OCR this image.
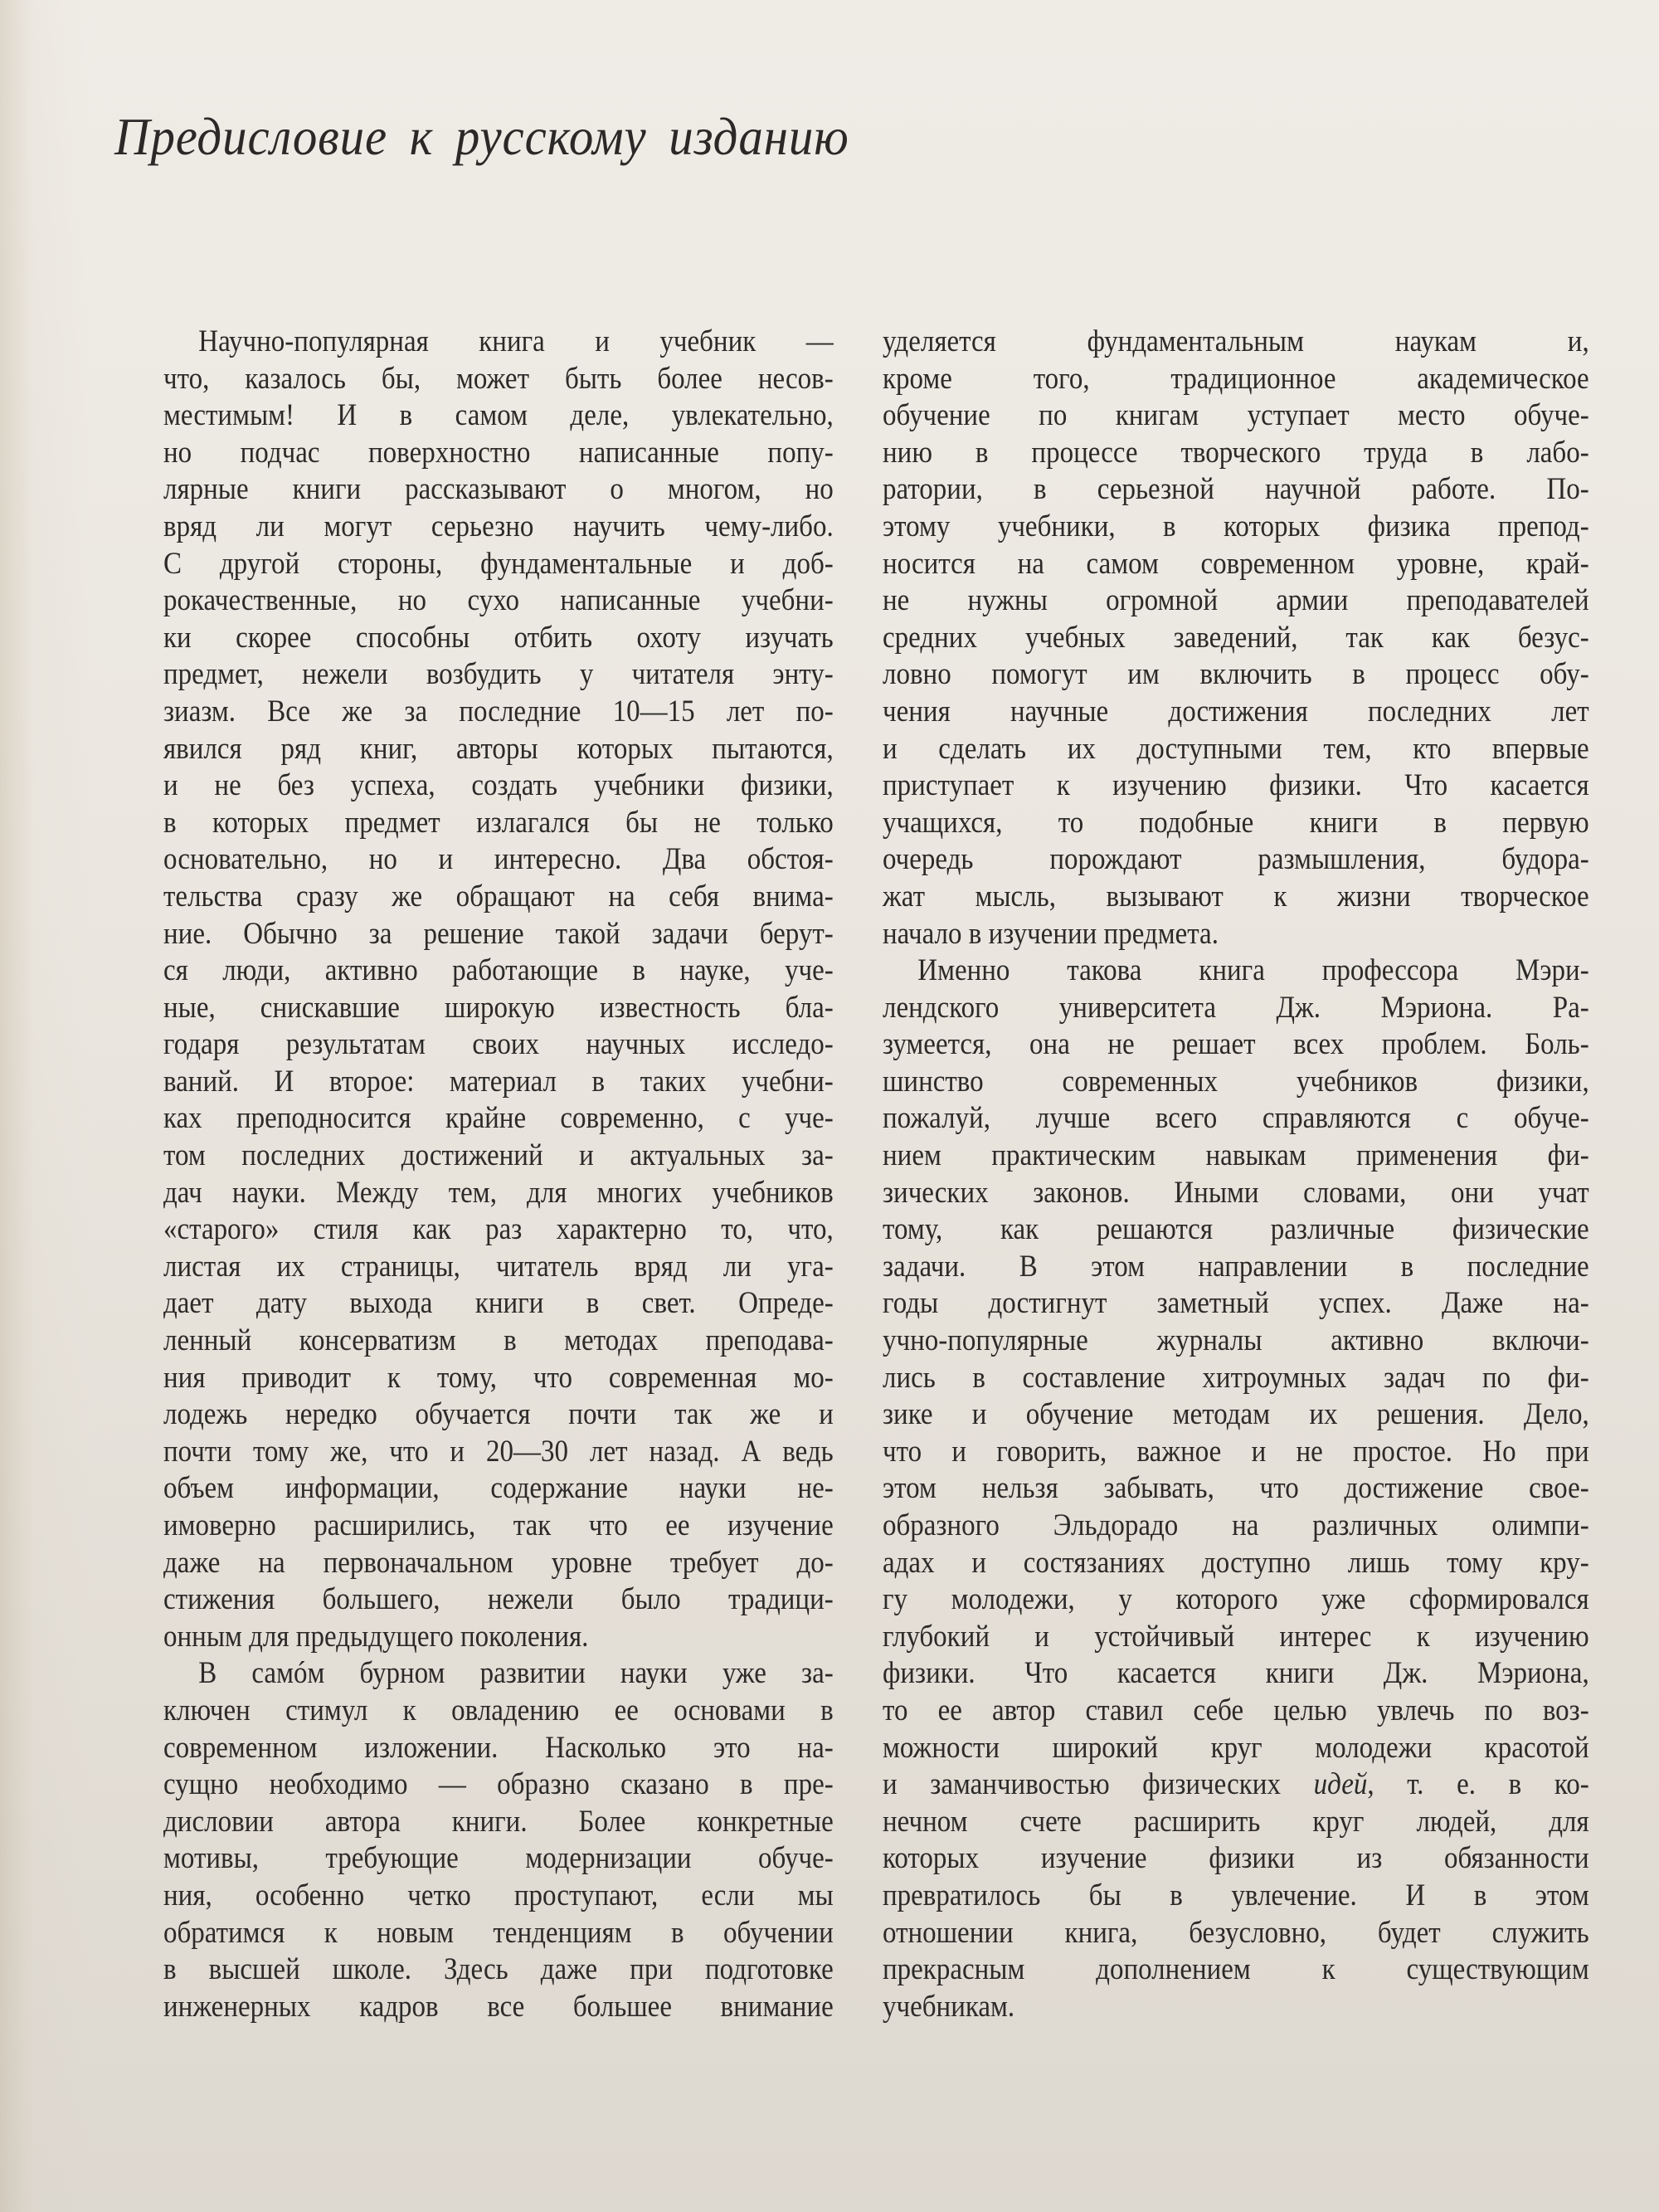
Предисловие к русскому изданию
Научно-популярная книга и учебник —
что, казалось бы, может быть более несов-
местимым! И в самом деле, увлекательно,
но подчас поверхностно написанные попу-
лярные книги рассказывают о многом, но
вряд ли могут серьезно научить чему-либо.
С другой стороны, фундаментальные и доб-
рокачественные, но сухо написанные учебни-
ки скорее способны отбить охоту изучать
предмет, нежели возбудить у читателя энту-
зиазм. Все же за последние 10—15 лет по-
явился ряд книг, авторы которых пытаются,
и не без успеха, создать учебники физики,
в которых предмет излагался бы не только
основательно, но и интересно. Два обстоя-
тельства сразу же обращают на себя внима-
ние. Обычно за решение такой задачи берут-
ся люди, активно работающие в науке, уче-
ные, снискавшие широкую известность бла-
годаря результатам своих научных исследо-
ваний. И второе: материал в таких учебни-
ках преподносится крайне современно, с уче-
том последних достижений и актуальных за-
дач науки. Между тем, для многих учебников
«старого» стиля как раз характерно то, что,
листая их страницы, читатель вряд ли уга-
дает дату выхода книги в свет. Опреде-
ленный консерватизм в методах преподава-
ния приводит к тому, что современная мо-
лодежь нередко обучается почти так же и
почти тому же, что и 20—30 лет назад. А ведь
объем информации, содержание науки не-
имоверно расширились, так что ее изучение
даже на первоначальном уровне требует до-
стижения большего, нежели было традици-
онным для предыдущего поколения.
В самóм бурном развитии науки уже за-
ключен стимул к овладению ее основами в
современном изложении. Насколько это на-
сущно необходимо — образно сказано в пре-
дисловии автора книги. Более конкретные
мотивы, требующие модернизации обуче-
ния, особенно четко проступают, если мы
обратимся к новым тенденциям в обучении
в высшей школе. Здесь даже при подготовке
инженерных кадров все большее внимание
уделяется фундаментальным наукам и,
кроме того, традиционное академическое
обучение по книгам уступает место обуче-
нию в процессе творческого труда в лабо-
ратории, в серьезной научной работе. По-
этому учебники, в которых физика препод-
носится на самом современном уровне, край-
не нужны огромной армии преподавателей
средних учебных заведений, так как безус-
ловно помогут им включить в процесс обу-
чения научные достижения последних лет
и сделать их доступными тем, кто впервые
приступает к изучению физики. Что касается
учащихся, то подобные книги в первую
очередь порождают размышления, будора-
жат мысль, вызывают к жизни творческое
начало в изучении предмета.
Именно такова книга профессора Мэри-
лендского университета Дж. Мэриона. Ра-
зумеется, она не решает всех проблем. Боль-
шинство современных учебников физики,
пожалуй, лучше всего справляются с обуче-
нием практическим навыкам применения фи-
зических законов. Иными словами, они учат
тому, как решаются различные физические
задачи. В этом направлении в последние
годы достигнут заметный успех. Даже на-
учно-популярные журналы активно включи-
лись в составление хитроумных задач по фи-
зике и обучение методам их решения. Дело,
что и говорить, важное и не простое. Но при
этом нельзя забывать, что достижение свое-
образного Эльдорадо на различных олимпи-
адах и состязаниях доступно лишь тому кру-
гу молодежи, у которого уже сформировался
глубокий и устойчивый интерес к изучению
физики. Что касается книги Дж. Мэриона,
то ее автор ставил себе целью увлечь по воз-
можности широкий круг молодежи красотой
и заманчивостью физических идей, т. е. в ко-
нечном счете расширить круг людей, для
которых изучение физики из обязанности
превратилось бы в увлечение. И в этом
отношении книга, безусловно, будет служить
прекрасным дополнением к существующим
учебникам.
